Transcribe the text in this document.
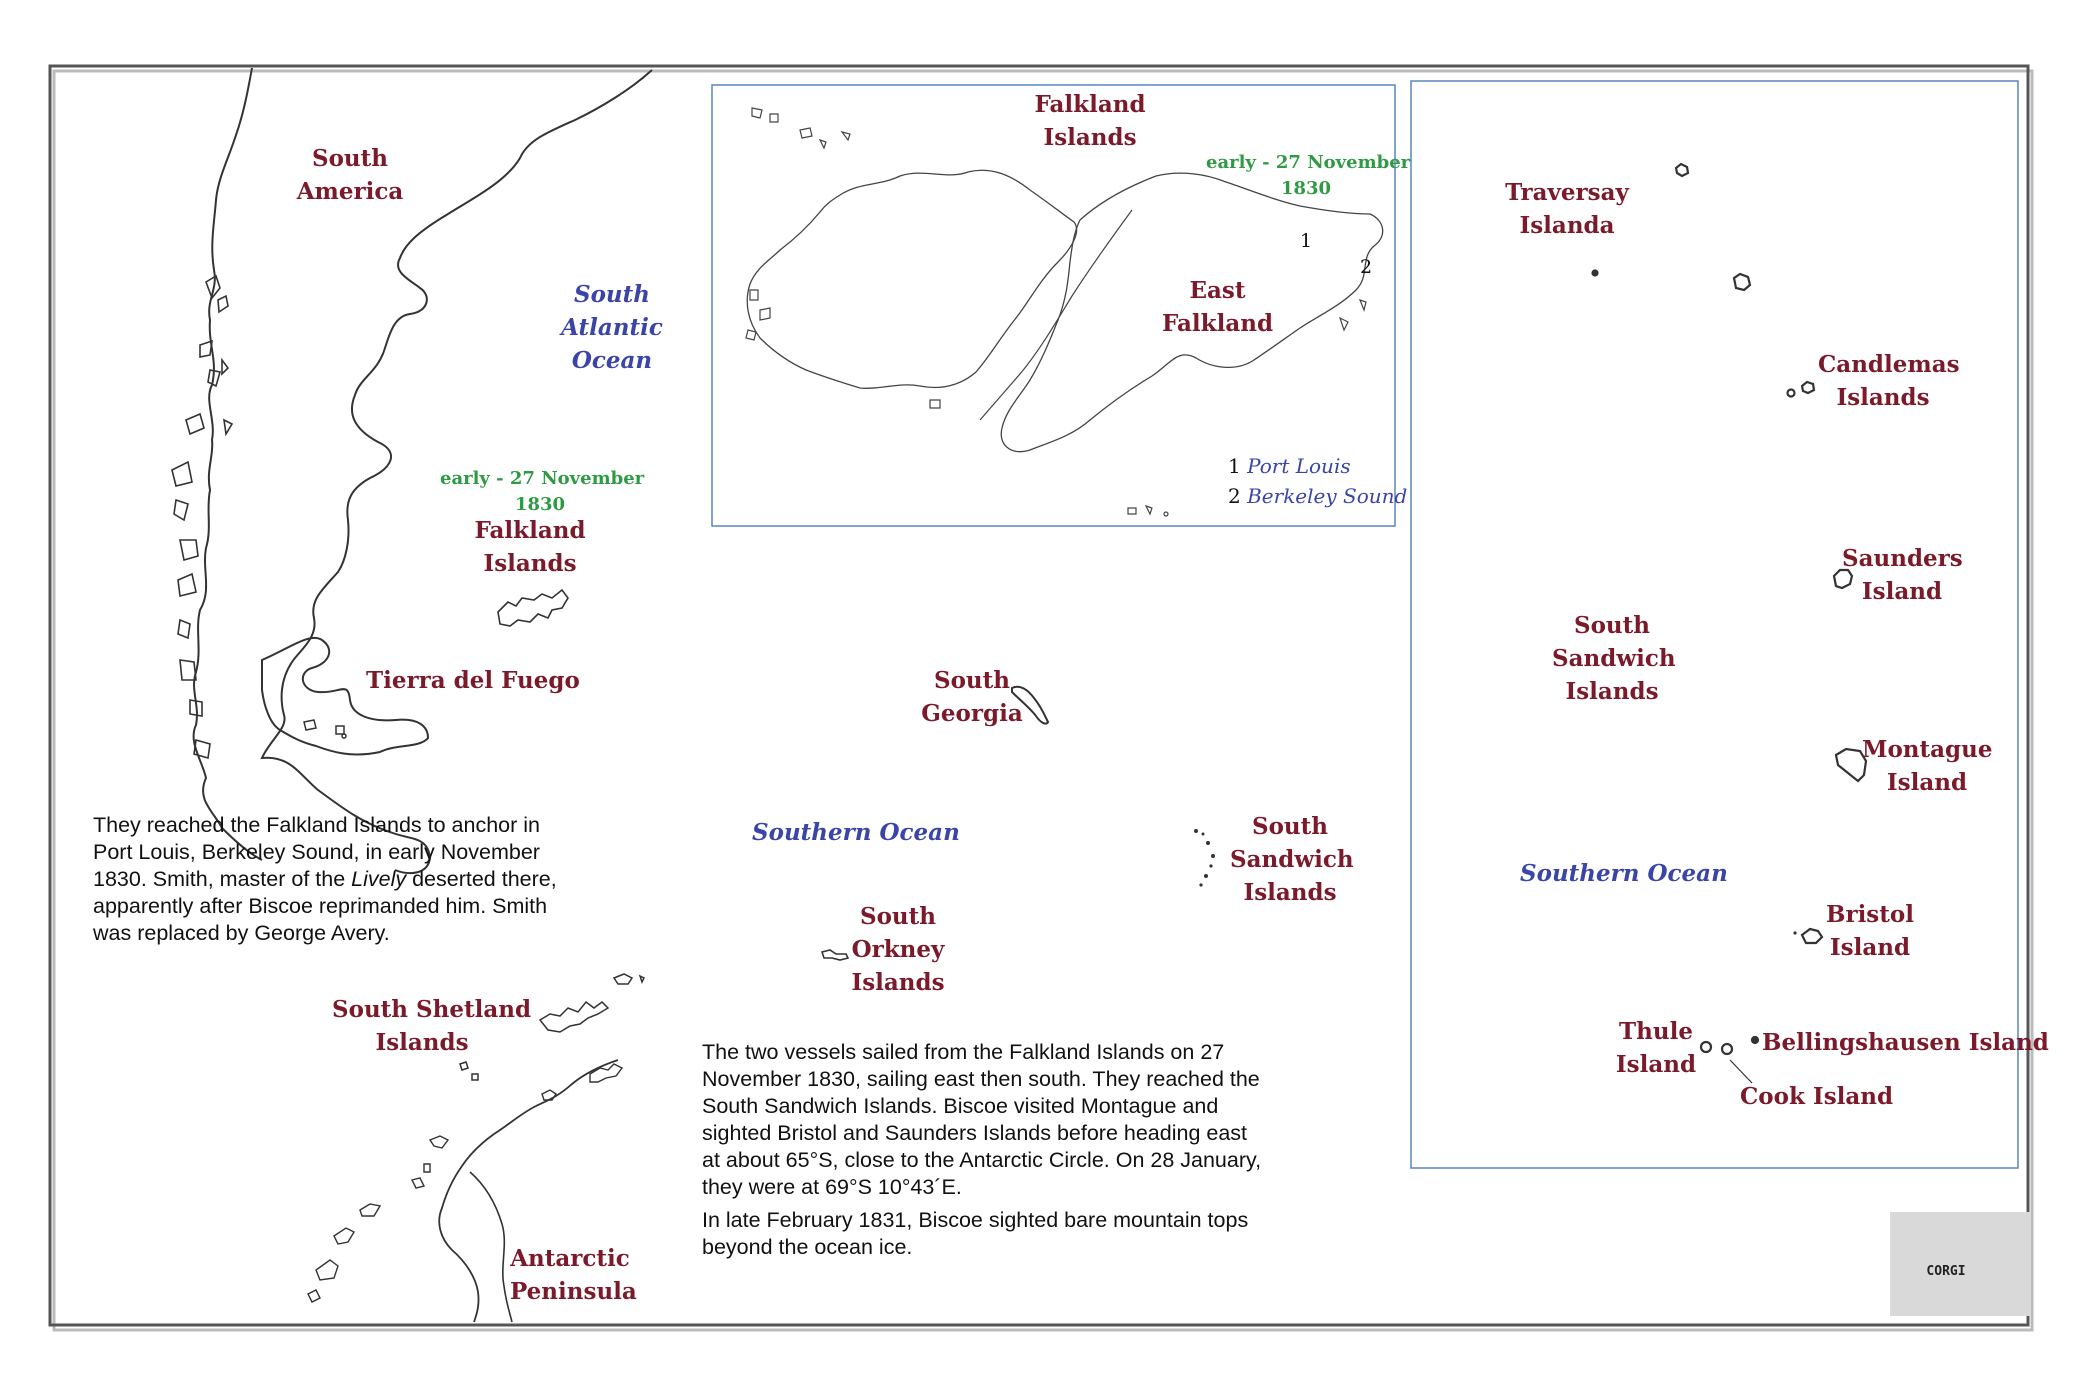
South
America
South
Atlantic
Ocean
early - 27 November
1830
Falkland
Islands
Tierra del Fuego	South
Georgia
Southern Ocean	South
Sandwich
Islands
South
Orkney
Islands
South Shetland
Islands
Antarctic
Peninsula
Falkland
Islands
early - 27 November
1830
East
Falkland
1
2
1 Port Louis
2 Berkeley Sound
Traversay
Islanda
Candlemas
Islands
Saunders
Island
South
Sandwich
Islands
Montague
Island
Southern Ocean
Bristol
Island
Thule
Island
Bellingshausen Island
Cook Island

They reached the Falkland Islands to anchor in Port Louis, Berkeley Sound, in early November 1830. Smith, master of the Lively deserted there, apparently after Biscoe reprimanded him. Smith was replaced by George Avery.

The two vessels sailed from the Falkland Islands on 27 November 1830, sailing east then south. They reached the South Sandwich Islands. Biscoe visited Montague and sighted Bristol and Saunders Islands before heading east at about 65°S, close to the Antarctic Circle. On 28 January, they were at 69°S 10°43´E.

In late February 1831, Biscoe sighted bare mountain tops beyond the ocean ice.

CORGI
